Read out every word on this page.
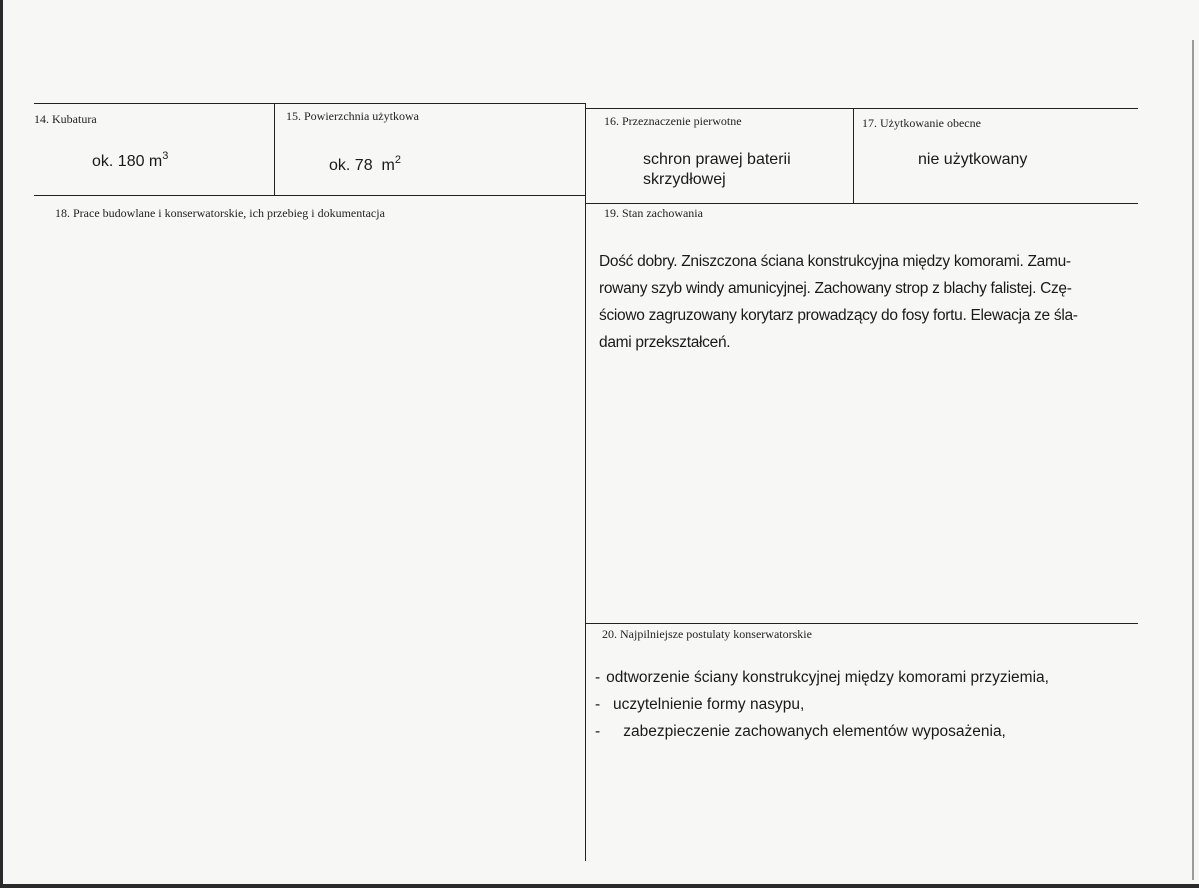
14. Kubatura
ok. 180 $m^3$
15. Powierzchnia użytkowa
ok. 78  $m^2$
16. Przeznaczenie pierwotne
schron prawej baterii
skrzydłowej
17. Użytkowanie obecne
nie użytkowany
18. Prace budowlane i konserwatorskie, ich przebieg i dokumentacja	19. Stan zachowania
Dość dobry. Zniszczona ściana konstrukcyjna między komorami. Zamu-
rowany szyb windy amunicyjnej. Zachowany strop z blachy falistej. Czę-
ściowo zagruzowany korytarz prowadzący do fosy fortu. Elewacja ze śla-
dami przekształceń.
20. Najpilniejsze postulaty konserwatorskie
- odtworzenie ściany konstrukcyjnej między komorami przyziemia,
- uczytelnienie formy nasypu,
- zabezpieczenie zachowanych elementów wyposażenia,
